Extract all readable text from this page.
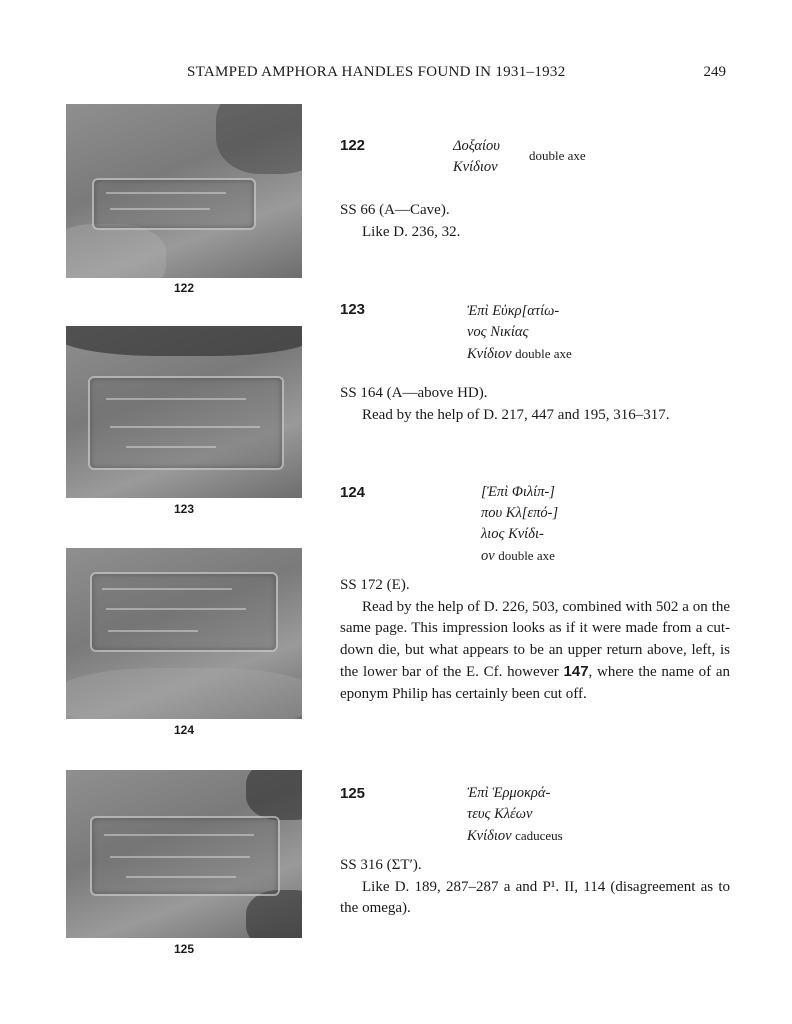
STAMPED AMPHORA HANDLES FOUND IN 1931–1932	249
122
122	Δοξαίου
Κνίδιον
double axe

SS 66 (A—Cave).

Like D. 236, 32.

123
123	Ἐπὶ Εὐκρ[ατίω-
νος Νικίας
Κνίδιον double axe

SS 164 (A—above HD).

Read by the help of D. 217, 447 and 195, 316–317.

124
124	[Ἐπὶ Φιλίπ-]
που Κλ[επό-]
λιος Κνίδι-
ον double axe

SS 172 (E).

Read by the help of D. 226, 503, combined with 502 a on the same page. This impression looks as if it were made from a cut-down die, but what appears to be an upper return above, left, is the lower bar of the E. Cf. however 147, where the name of an eponym Philip has certainly been cut off.

125
125	Ἐπὶ Ἑρμοκρά-
τευς Κλέων
Κνίδιον caduceus

SS 316 (ΣΤʹ).

Like D. 189, 287–287 a and P¹. II, 114 (disagreement as to the omega).
